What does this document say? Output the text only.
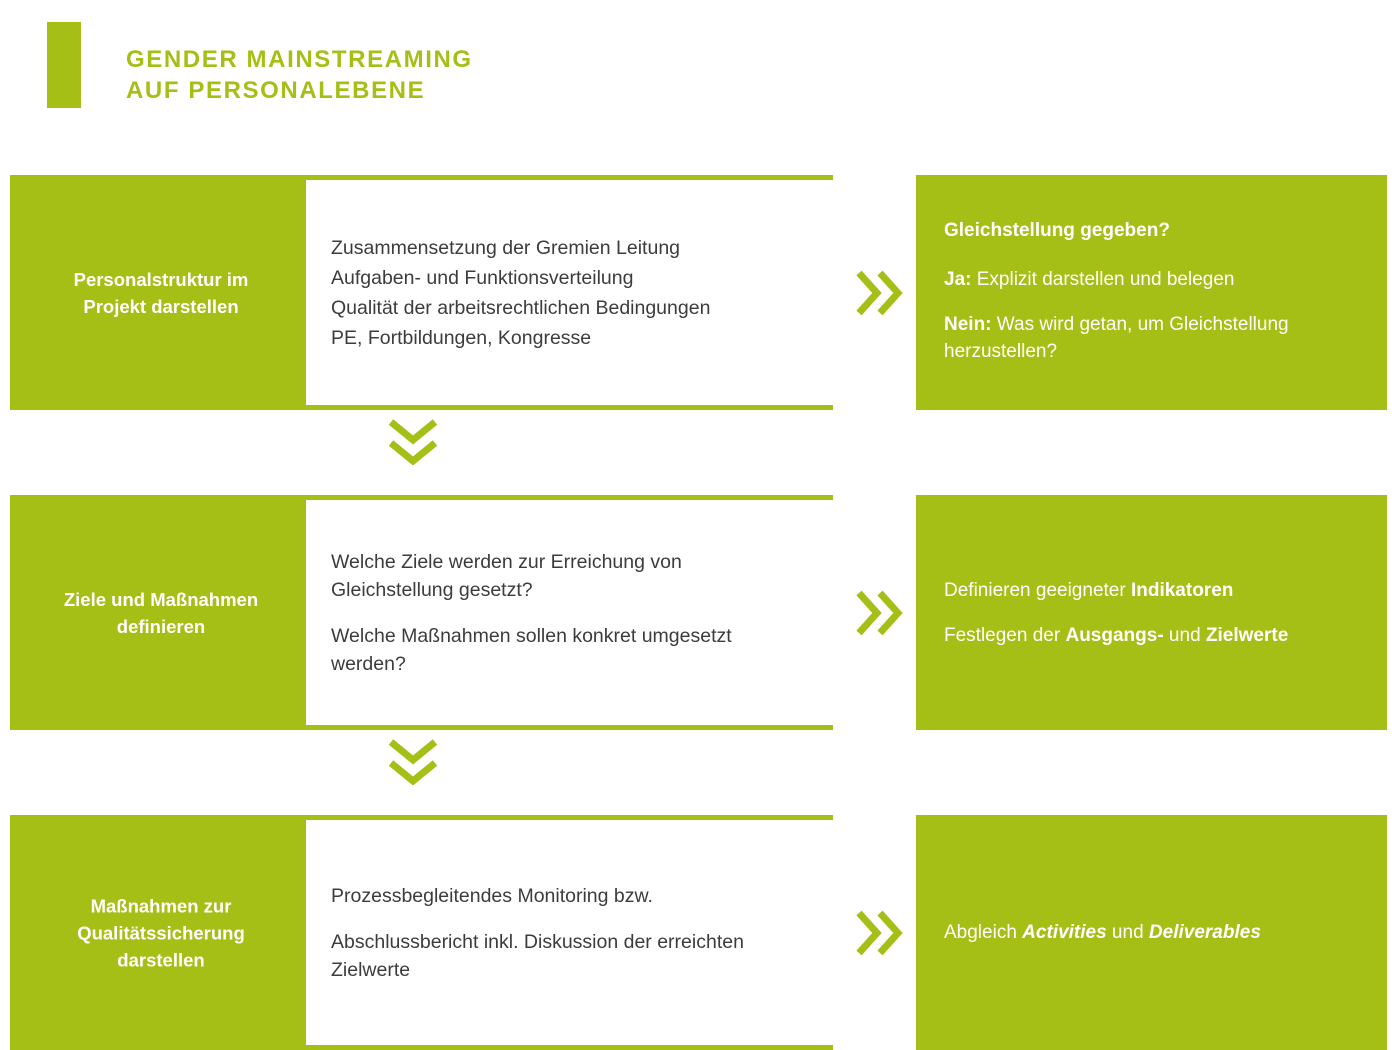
GENDER MAINSTREAMING
AUF PERSONALEBENE
Personalstruktur im
Projekt darstellen
Zusammensetzung der Gremien Leitung
Aufgaben- und Funktionsverteilung
Qualität der arbeitsrechtlichen Bedingungen
PE, Fortbildungen, Kongresse
Gleichstellung gegeben?
Ja: Explizit darstellen und belegen
Nein: Was wird getan, um Gleichstellung herzustellen?
Ziele und Maßnahmen
definieren
Welche Ziele werden zur Erreichung von Gleichstellung gesetzt?
Welche Maßnahmen sollen konkret umgesetzt werden?
Definieren geeigneter Indikatoren
Festlegen der Ausgangs- und Zielwerte
Maßnahmen zur
Qualitätssicherung
darstellen
Prozessbegleitendes Monitoring bzw.
Abschlussbericht inkl. Diskussion der erreichten Zielwerte
Abgleich Activities und Deliverables
